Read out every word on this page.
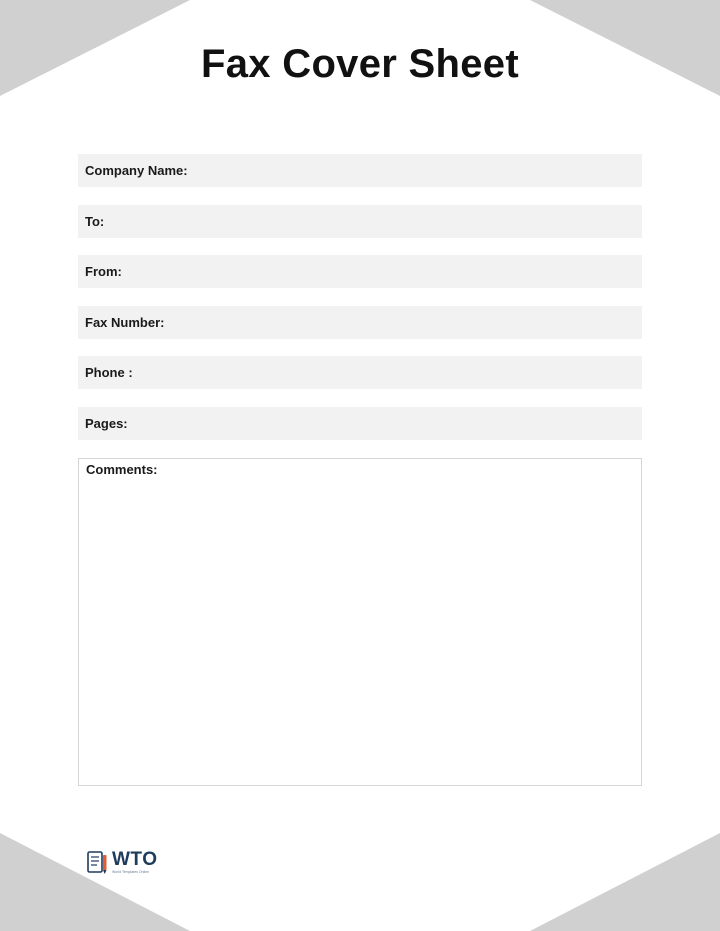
Fax Cover Sheet
Company Name:
To:
From:
Fax Number:
Phone :
Pages:
Comments:
WTO
World Templates Online
